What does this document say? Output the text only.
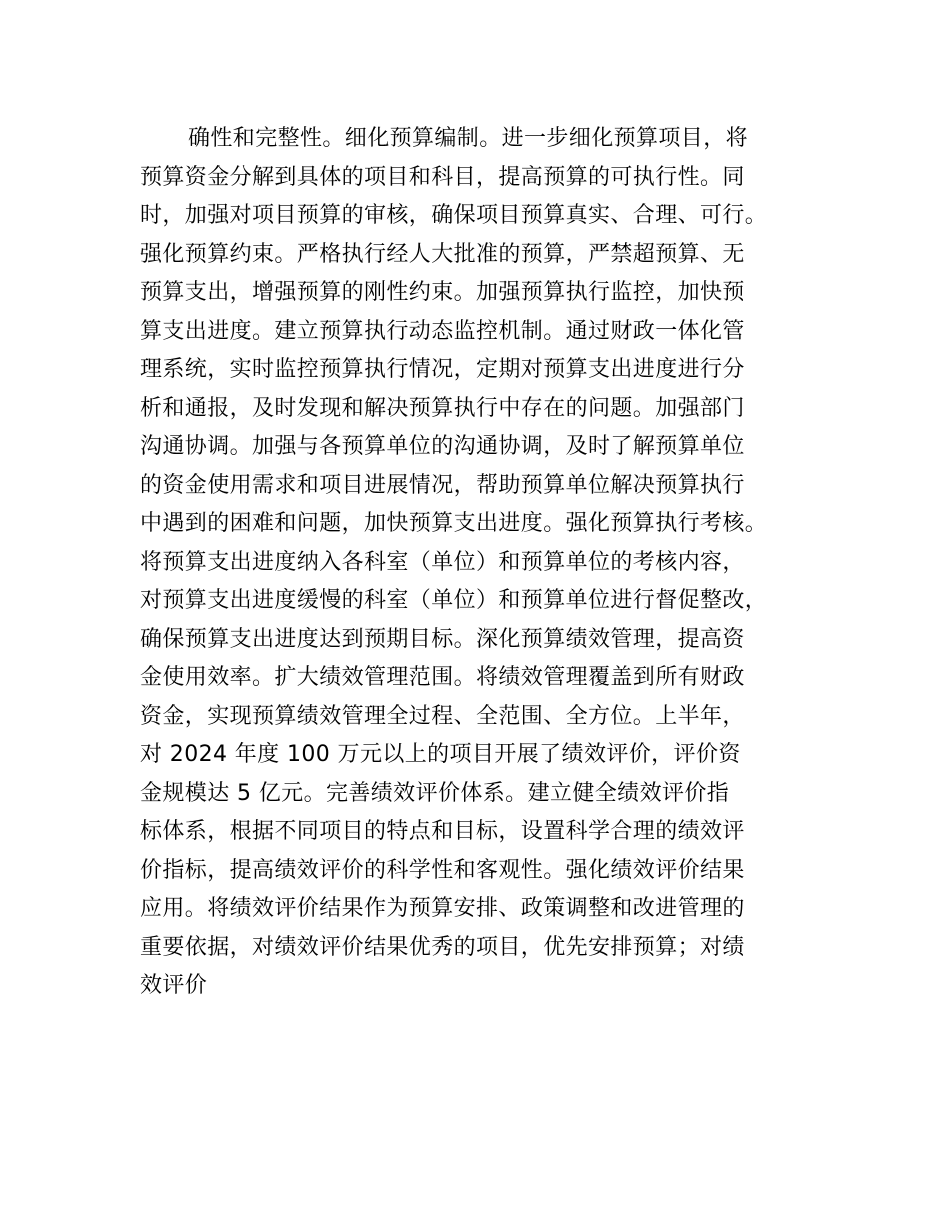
确性和完整性。细化预算编制。进一步细化预算项目，将
预算资金分解到具体的项目和科目，提高预算的可执行性。同
时，加强对项目预算的审核，确保项目预算真实、合理、可行。
强化预算约束。严格执行经人大批准的预算，严禁超预算、无
预算支出，增强预算的刚性约束。加强预算执行监控，加快预
算支出进度。建立预算执行动态监控机制。通过财政一体化管
理系统，实时监控预算执行情况，定期对预算支出进度进行分
析和通报，及时发现和解决预算执行中存在的问题。加强部门
沟通协调。加强与各预算单位的沟通协调，及时了解预算单位
的资金使用需求和项目进展情况，帮助预算单位解决预算执行
中遇到的困难和问题，加快预算支出进度。强化预算执行考核。
将预算支出进度纳入各科室（单位）和预算单位的考核内容，
对预算支出进度缓慢的科室（单位）和预算单位进行督促整改，
确保预算支出进度达到预期目标。深化预算绩效管理，提高资
金使用效率。扩大绩效管理范围。将绩效管理覆盖到所有财政
资金，实现预算绩效管理全过程、全范围、全方位。上半年，
对 2024 年度 100 万元以上的项目开展了绩效评价，评价资
金规模达 5 亿元。完善绩效评价体系。建立健全绩效评价指
标体系，根据不同项目的特点和目标，设置科学合理的绩效评
价指标，提高绩效评价的科学性和客观性。强化绩效评价结果
应用。将绩效评价结果作为预算安排、政策调整和改进管理的
重要依据，对绩效评价结果优秀的项目，优先安排预算；对绩
效评价
